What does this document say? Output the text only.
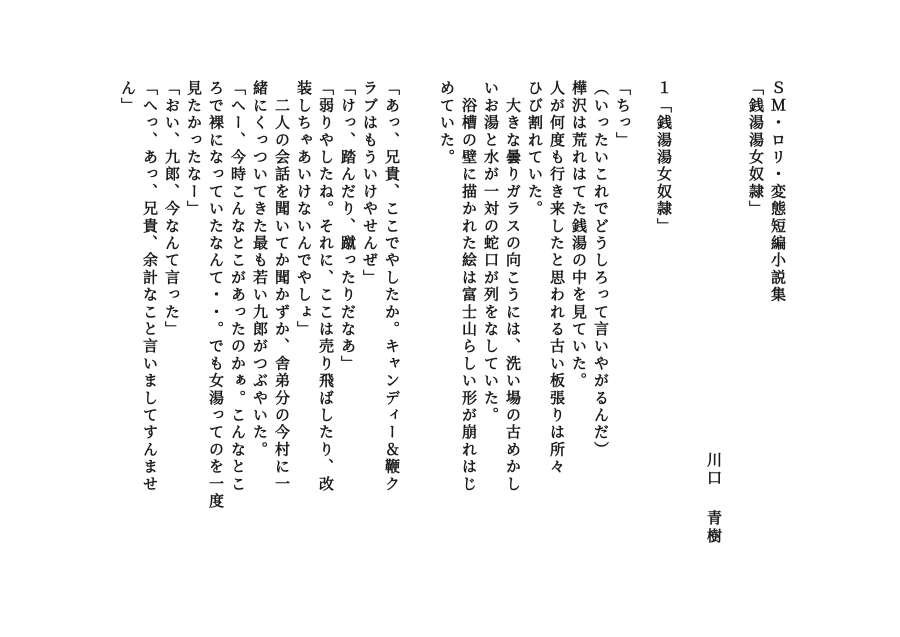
ＳＭ・ロリ・変態短編小説集
「銭湯湯女奴隷」
川口
青樹
１「銭湯湯女奴隷」
「ちっ」
（いったいこれでどうしろって言いやがるんだ）
樺沢は荒れはてた銭湯の中を見ていた。
人が何度も行き来したと思われる古い板張りは所々
ひび割れていた。
　大きな曇りガラスの向こうには、洗い場の古めかし
いお湯と水が一対の蛇口が列をなしていた。
　浴槽の壁に描かれた絵は富士山らしい形が崩れはじ
めていた。
「あっ、兄貴、ここでやしたか。キャンディー＆鞭ク
ラブはもういけやせんぜ」
「けっ、踏んだり、蹴ったりだなあ」
「弱りやしたね。それに、ここは売り飛ばしたり、改
装しちゃあいけないんでやしょ」
　二人の会話を聞いてか聞かずか、舎弟分の今村に一
緒にくっついてきた最も若い九郎がつぶやいた。
「へー、今時こんなとこがあったのかぁ。こんなとこ
ろで裸になっていたなんて・・。でも女湯ってのを一度
見たかったなー」
「おい、九郎、今なんて言った」
「へっ、あっ、兄貴、余計なこと言いましてすんませ
ん」
